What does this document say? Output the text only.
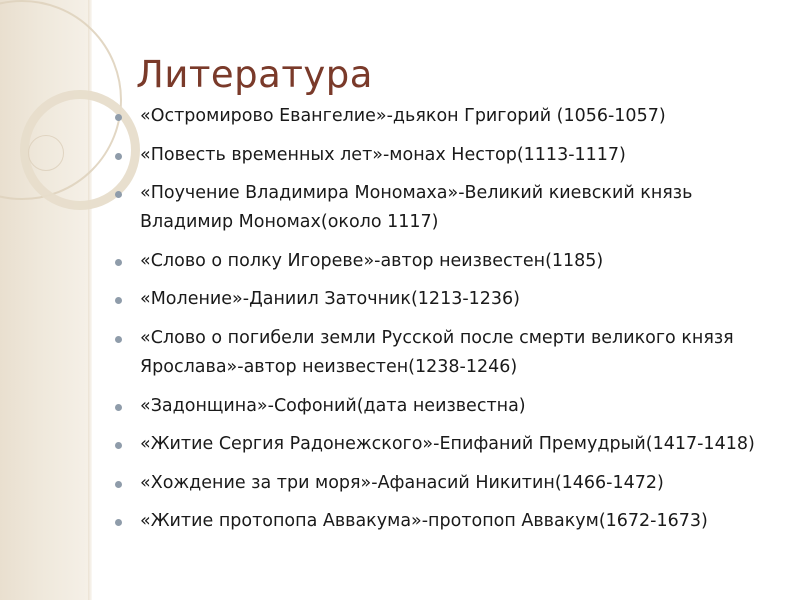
Литература
«Остромирово Евангелие»-дьякон Григорий (1056-1057)
«Повесть временных лет»-монах Нестор(1113-1117)
«Поучение Владимира Мономаха»-Великий киевский князь Владимир Мономах(около 1117)
«Слово о полку Игореве»-автор неизвестен(1185)
«Моление»-Даниил Заточник(1213-1236)
«Слово о погибели земли Русской после смерти великого князя Ярослава»-автор неизвестен(1238-1246)
«Задонщина»-Софоний(дата неизвестна)
«Житие Сергия Радонежского»-Епифаний Премудрый(1417-1418)
«Хождение за три моря»-Афанасий Никитин(1466-1472)
«Житие протопопа Аввакума»-протопоп Аввакум(1672-1673)
